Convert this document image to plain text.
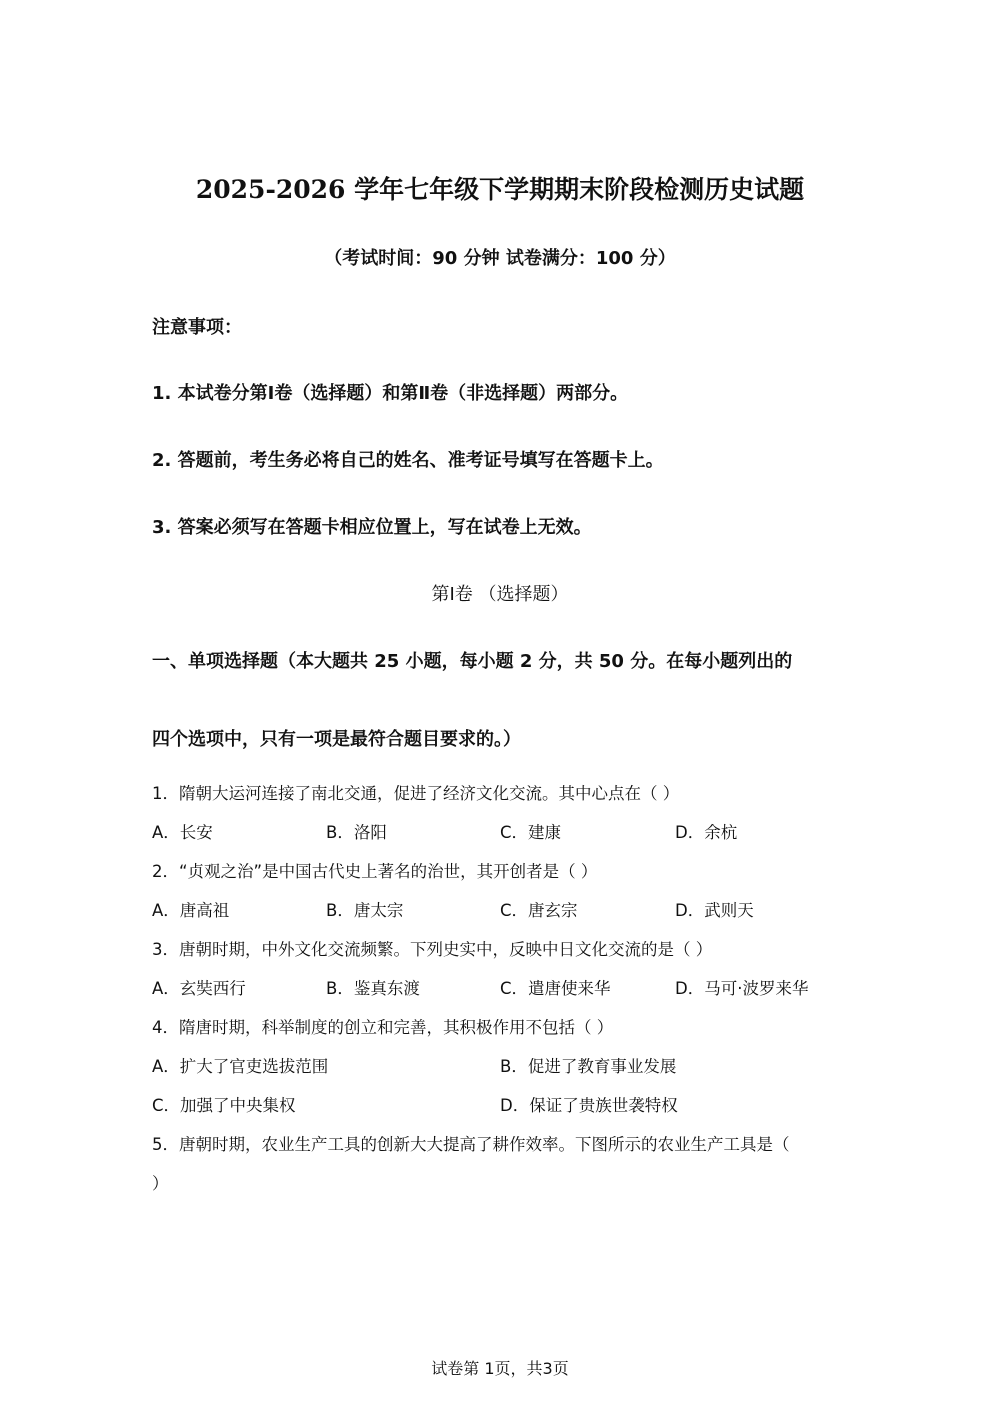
2025-2026 学年七年级下学期期末阶段检测历史试题
（考试时间：90 分钟 试卷满分：100 分）
注意事项：
1. 本试卷分第Ⅰ卷（选择题）和第Ⅱ卷（非选择题）两部分。
2. 答题前，考生务必将自己的姓名、准考证号填写在答题卡上。
3. 答案必须写在答题卡相应位置上，写在试卷上无效。
第Ⅰ卷 （选择题）
一、单项选择题（本大题共 25 小题，每小题 2 分，共 50 分。在每小题列出的
四个选项中，只有一项是最符合题目要求的。）
1．隋朝大运河连接了南北交通，促进了经济文化交流。其中心点在（ ）
A．长安	B．洛阳	C．建康	D．余杭
2．“贞观之治”是中国古代史上著名的治世，其开创者是（ ）
A．唐高祖	B．唐太宗	C．唐玄宗	D．武则天
3．唐朝时期，中外文化交流频繁。下列史实中，反映中日文化交流的是（ ）
A．玄奘西行	B．鉴真东渡	C．遣唐使来华	D．马可·波罗来华
4．隋唐时期，科举制度的创立和完善，其积极作用不包括（ ）
A．扩大了官吏选拔范围	B．促进了教育事业发展
C．加强了中央集权	D．保证了贵族世袭特权
5．唐朝时期，农业生产工具的创新大大提高了耕作效率。下图所示的农业生产工具是（
）
试卷第 1页，共3页
